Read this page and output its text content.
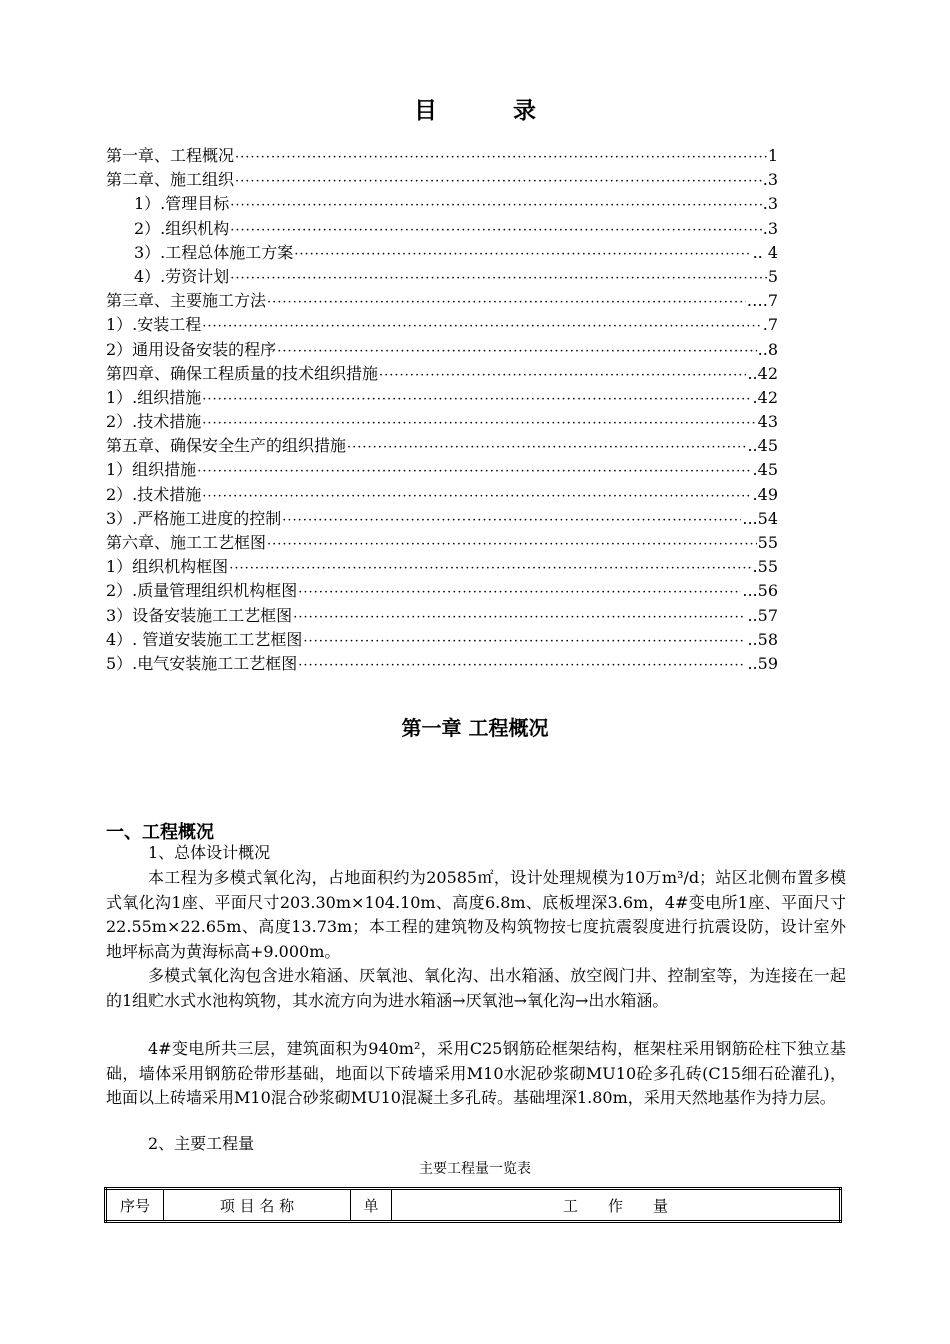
目录
第一章、工程概况 ·····	1
第二章、施工组织 ·····	.3
1）.管理目标 ·····	.3
2）.组织机构 ·····	.3
3）.工程总体施工方案 ·····	.. 4
4）.劳资计划 ·····	5
第三章、主要施工方法 ·····	….7
1）.安装工程 ·····	.7
2）通用设备安装的程序 ·····	..8
第四章、确保工程质量的技术组织措施 ·····	..42
1）.组织措施 ·····	.42
2）.技术措施 ·····	43
第五章、确保安全生产的组织措施 ·····	..45
1）组织措施 ·····	.45
2）.技术措施 ·····	.49
3）.严格施工进度的控制 ·····	...54
第六章、施工工艺框图 ·····	55
1）组织机构框图 ·····	.55
2）.质量管理组织机构框图 ·····	...56
3）设备安装施工工艺框图 ·····	..57
4）. 管道安装施工工艺框图 ·····	..58
5）.电气安装施工工艺框图 ·····	..59
第一章 工程概况
一、工程概况
1、总体设计概况
本工程为多模式氧化沟，占地面积约为20585㎡，设计处理规模为10万m³/d；站区北侧布置多模式氧化沟1座、平面尺寸203.30m×104.10m、高度6.8m、底板埋深3.6m，4#变电所1座、平面尺寸22.55m×22.65m、高度13.73m；本工程的建筑物及构筑物按七度抗震裂度进行抗震设防，设计室外地坪标高为黄海标高+9.000m。
多模式氧化沟包含进水箱涵、厌氧池、氧化沟、出水箱涵、放空阀门井、控制室等，为连接在一起的1组贮水式水池构筑物，其水流方向为进水箱涵→厌氧池→氧化沟→出水箱涵。
4#变电所共三层，建筑面积为940m²，采用C25钢筋砼框架结构，框架柱采用钢筋砼柱下独立基础，墙体采用钢筋砼带形基础，地面以下砖墙采用M10水泥砂浆砌MU10砼多孔砖(C15细石砼灌孔)，地面以上砖墙采用M10混合砂浆砌MU10混凝土多孔砖。基础埋深1.80m，采用天然地基作为持力层。
2、主要工程量
主要工程量一览表
序号	项 目 名 称	单	工　　作　　量
